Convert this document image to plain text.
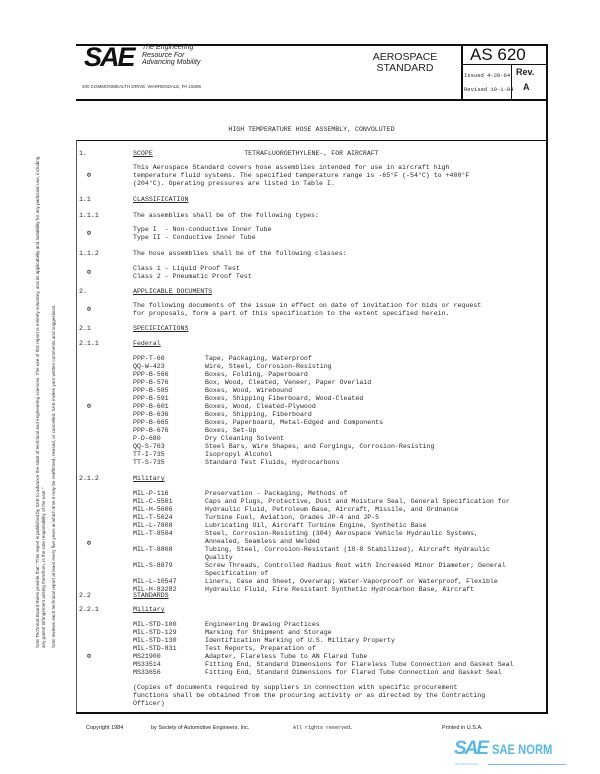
SAE The Engineering
Resource For
Advancing Mobility
400 COMMONWEALTH DRIVE, WARRENDALE, PA 15096
AEROSPACE
STANDARD
AS 620
Issued 4-20-64
Revised 10-1-84
Rev.
A

HIGH TEMPERATURE HOSE ASSEMBLY, CONVOLUTED

TETRAFLUOROETHYLENE-, FOR AIRCRAFT

SAE Technical Board Rules provide that: "This report is published by SAE to advance the state of technical and engineering sciences. The use of this report is entirely voluntary, and its applicability and suitability for any particular use, including any patent infringement arising therefrom, is the sole responsibility of the user." SAE reviews each technical report at least every five years at which time it may be reaffirmed, revised, or cancelled. SAE invites your written comments and suggestions.
1.	SCOPE
Φ
This Aerospace Standard covers hose assemblies intended for use in aircraft high
temperature fluid systems. The specified temperature range is -65°F (-54°C) to +400°F
(204°C). Operating pressures are listed in Table I.
1.1	CLASSIFICATION
1.1.1	The assemblies shall be of the following types:
Φ
Type I  - Non-conductive Inner Tube
Type II - Conductive Inner Tube
1.1.2	The hose assemblies shall be of the following classes:
Φ
Class 1 - Liquid Proof Test
Class 2 - Pneumatic Proof Test
2.	APPLICABLE DOCUMENTS
Φ
The following documents of the issue in effect on date of invitation for bids or request
for proposals, form a part of this specification to the extent specified herein.
2.1	SPECIFICATIONS
2.1.1	Federal
Φ
PPP-T-60	Tape, Packaging, Waterproof
QQ-W-423	Wire, Steel, Corrosion-Resisting
PPP-B-566	Boxes, Folding, Paperboard
PPP-B-576	Box, Wood, Cleated, Veneer, Paper Overlaid
PPP-B-585	Boxes, Wood, Wirebound
PPP-B-591	Boxes, Shipping Fiberboard, Wood-Cleated
PPP-B-601	Boxes, Wood, Cleated-Plywood
PPP-B-636	Boxes, Shipping, Fiberboard
PPP-B-665	Boxes, Paperboard, Metal-Edged and Components
PPP-B-676	Boxes, Set-Up
P-D-680	Dry Cleaning Solvent
QQ-S-763	Steel Bars, Wire Shapes, and Forgings, Corrosion-Resisting
TT-I-735	Isopropyl Alcohol
TT-S-735	Standard Test Fluids, Hydrocarbons
2.1.2	Military
Φ
MIL-P-116	Preservation - Packaging, Methods of
MIL-C-5501	Caps and Plugs, Protective, Dust and Moisture Seal, General Specification for
MIL-H-5606	Hydraulic Fluid, Petroleum Base, Aircraft, Missile, and Ordnance
MIL-T-5624	Turbine Fuel, Aviation, Grades JP-4 and JP-5
MIL-L-7808	Lubricating Oil, Aircraft Turbine Engine, Synthetic Base
MIL-T-8504	Steel, Corrosion-Resisting (304) Aerospace Vehicle Hydraulic Systems,
Annealed, Seamless and Welded
MIL-T-8808	Tubing, Steel, Corrosion-Resistant (18-8 Stabilized), Aircraft Hydraulic
Quality
MIL-S-8879	Screw Threads, Controlled Radius Root with Increased Minor Diameter; General
Specification of
MIL-L-10547	Liners, Case and Sheet, Overwrap; Water-Vaporproof or Waterproof, Flexible
MIL-H-83282	Hydraulic Fluid, Fire Resistant Synthetic Hydrocarbon Base, Aircraft
2.2	STANDARDS
2.2.1	Military
Φ
MIL-STD-100	Engineering Drawing Practices
MIL-STD-129	Marking for Shipment and Storage
MIL-STD-130	Identification Marking of U.S. Military Property
MIL-STD-831	Test Reports, Preparation of
MS21900	Adapter, Flareless Tube to AN Flared Tube
MS33514	Fitting End, Standard Dimensions for Flareless Tube Connection and Gasket Seal
MS33656	Fitting End, Standard Dimensions for Flared Tube Connection and Gasket Seal
(Copies of documents required by suppliers in connection with specific procurement
functions shall be obtained from the procuring activity or as directed by the Contracting
Officer)
Copyright 1984	by Society of Automotive Engineers, Inc.	All rights reserved.	Printed in U.S.A.
SAE SAE NORM
INTERNATIONAL
